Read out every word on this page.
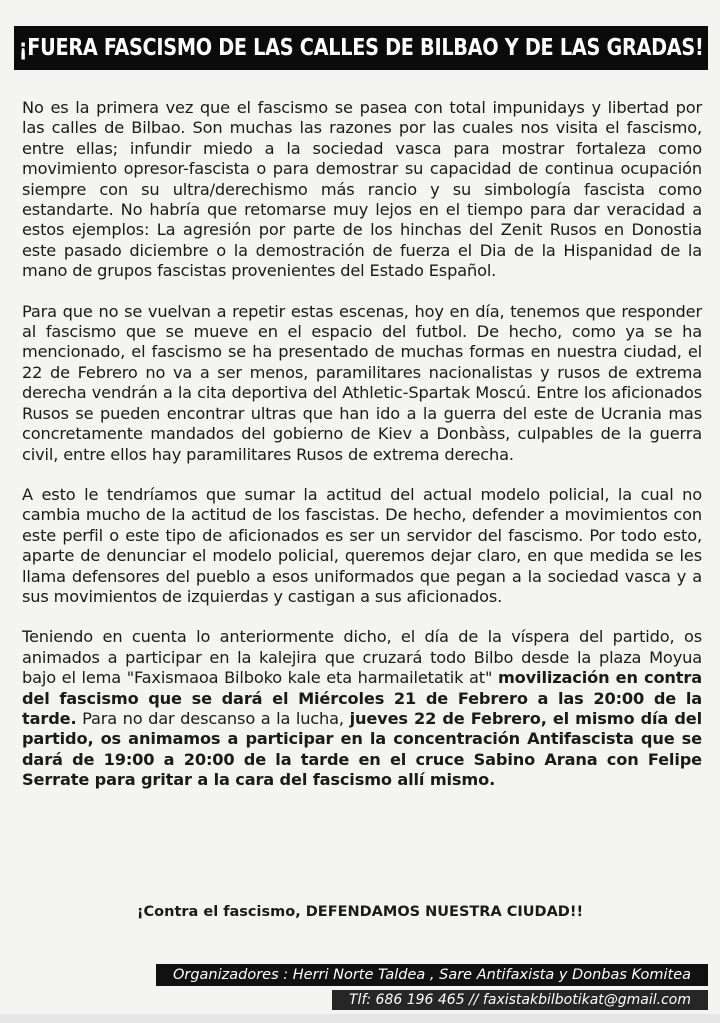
¡FUERA FASCISMO DE LAS CALLES DE BILBAO Y DE LAS GRADAS!

No es la primera vez que el fascismo se pasea con total impunidays y libertad por las calles de Bilbao. Son muchas las razones por las cuales nos visita el fascismo, entre ellas; infundir miedo a la sociedad vasca para mostrar fortaleza como movimiento opresor-fascista o para demostrar su capacidad de continua ocupación siempre con su ultra/derechismo más rancio y su simbología fascista como estandarte. No habría que retomarse muy lejos en el tiempo para dar veracidad a estos ejemplos: La agresión por parte de los hinchas del Zenit Rusos en Donostia este pasado diciembre o la demostración de fuerza el Dia de la Hispanidad de la mano de grupos fascistas provenientes del Estado Español.

Para que no se vuelvan a repetir estas escenas, hoy en día, tenemos que responder al fascismo que se mueve en el espacio del futbol. De hecho, como ya se ha mencionado, el fascismo se ha presentado de muchas formas en nuestra ciudad, el 22 de Febrero no va a ser menos, paramilitares nacionalistas y rusos de extrema derecha vendrán a la cita deportiva del Athletic-Spartak Moscú. Entre los aficionados Rusos se pueden encontrar ultras que han ido a la guerra del este de Ucrania mas concretamente mandados del gobierno de Kiev a Donbàss, culpables de la guerra civil, entre ellos hay paramilitares Rusos de extrema derecha.

A esto le tendríamos que sumar la actitud del actual modelo policial, la cual no cambia mucho de la actitud de los fascistas. De hecho, defender a movimientos con este perfil o este tipo de aficionados es ser un servidor del fascismo. Por todo esto, aparte de denunciar el modelo policial, queremos dejar claro, en que medida se les llama defensores del pueblo a esos uniformados que pegan a la sociedad vasca y a sus movimientos de izquierdas y castigan a sus aficionados.

Teniendo en cuenta lo anteriormente dicho, el día de la víspera del partido, os animados a participar en la kalejira que cruzará todo Bilbo desde la plaza Moyua bajo el lema "Faxismaoa Bilboko kale eta harmailetatik at" movilización en contra del fascismo que se dará el Miércoles 21 de Febrero a las 20:00 de la tarde. Para no dar descanso a la lucha, jueves 22 de Febrero, el mismo día del partido, os animamos a participar en la concentración Antifascista que se dará de 19:00 a 20:00 de la tarde en el cruce Sabino Arana con Felipe Serrate para gritar a la cara del fascismo allí mismo.

¡Contra el fascismo, DEFENDAMOS NUESTRA CIUDAD!!
Organizadores : Herri Norte Taldea , Sare Antifaxista y Donbas Komitea
Tlf: 686 196 465 // faxistakbilbotikat@gmail.com
